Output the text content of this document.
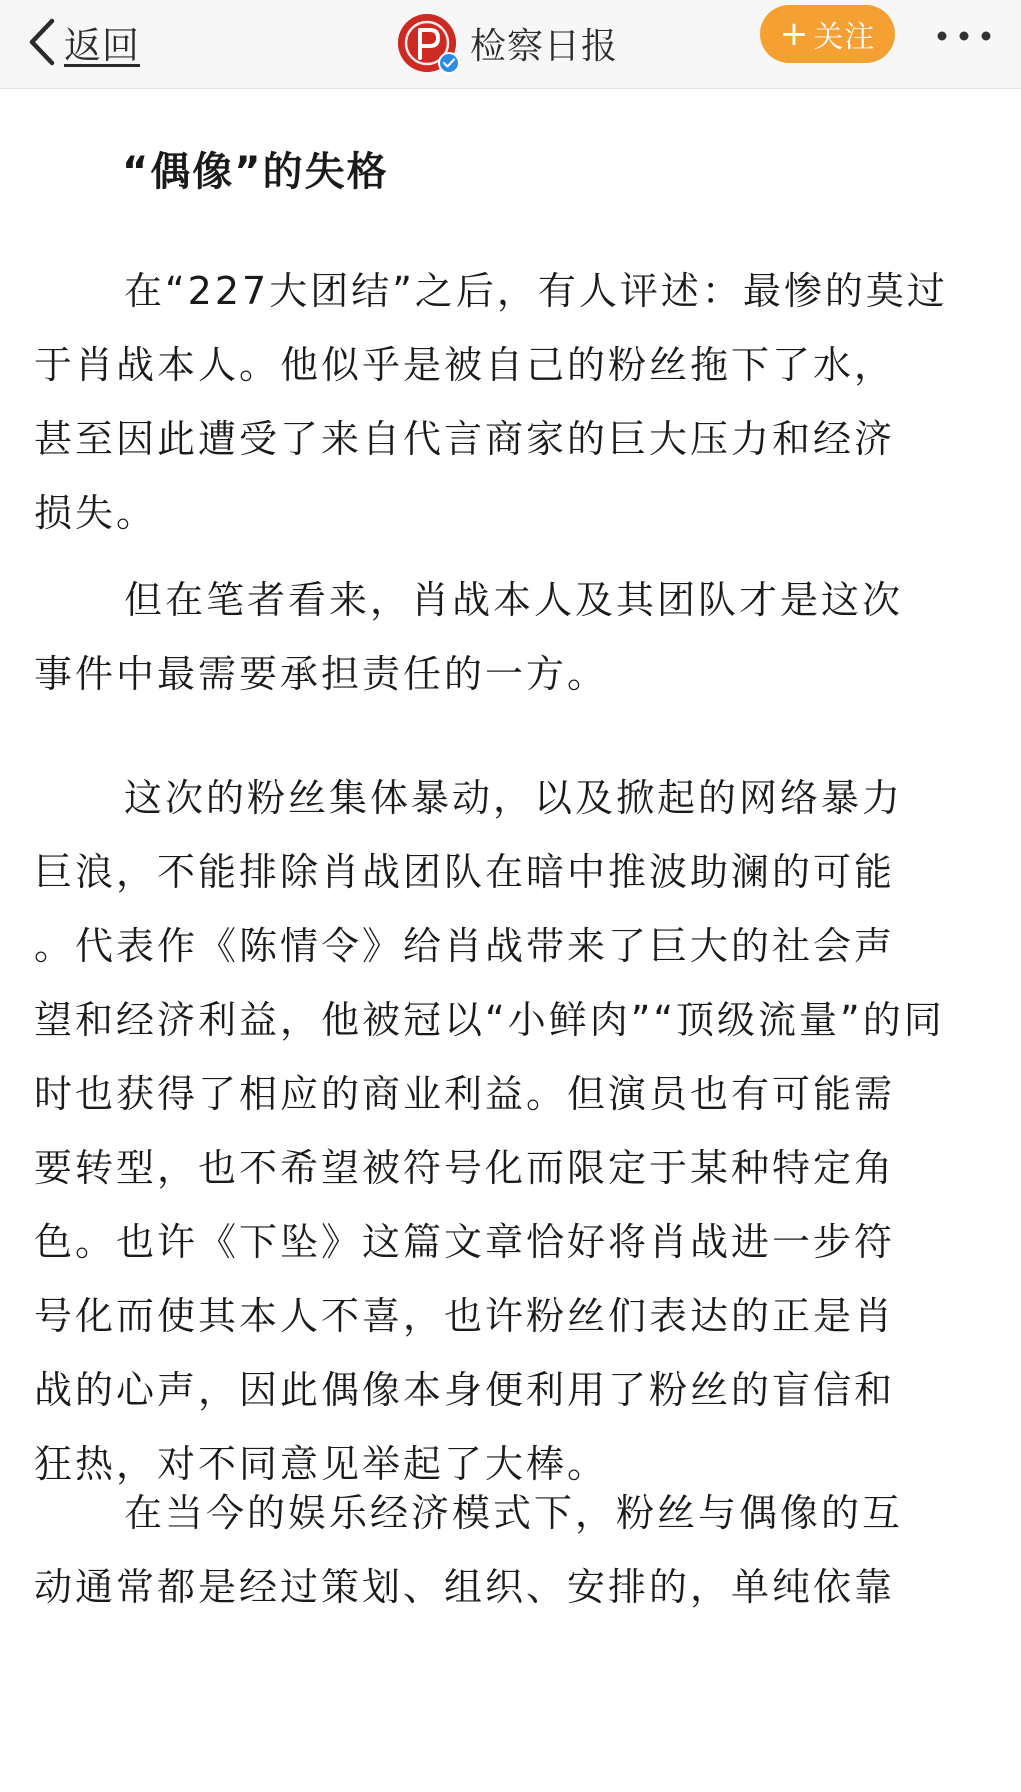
返回	检察日报	+ 关注
“偶像”的失格

在“227大团结”之后，有人评述：最惨的莫过
于肖战本人。他似乎是被自己的粉丝拖下了水，
甚至因此遭受了来自代言商家的巨大压力和经济
损失。

但在笔者看来，肖战本人及其团队才是这次
事件中最需要承担责任的一方。

这次的粉丝集体暴动，以及掀起的网络暴力
巨浪，不能排除肖战团队在暗中推波助澜的可能
。代表作《陈情令》给肖战带来了巨大的社会声
望和经济利益，他被冠以“小鲜肉”“顶级流量”的同
时也获得了相应的商业利益。但演员也有可能需
要转型，也不希望被符号化而限定于某种特定角
色。也许《下坠》这篇文章恰好将肖战进一步符
号化而使其本人不喜，也许粉丝们表达的正是肖
战的心声，因此偶像本身便利用了粉丝的盲信和
狂热，对不同意见举起了大棒。

在当今的娱乐经济模式下，粉丝与偶像的互
动通常都是经过策划、组织、安排的，单纯依靠
